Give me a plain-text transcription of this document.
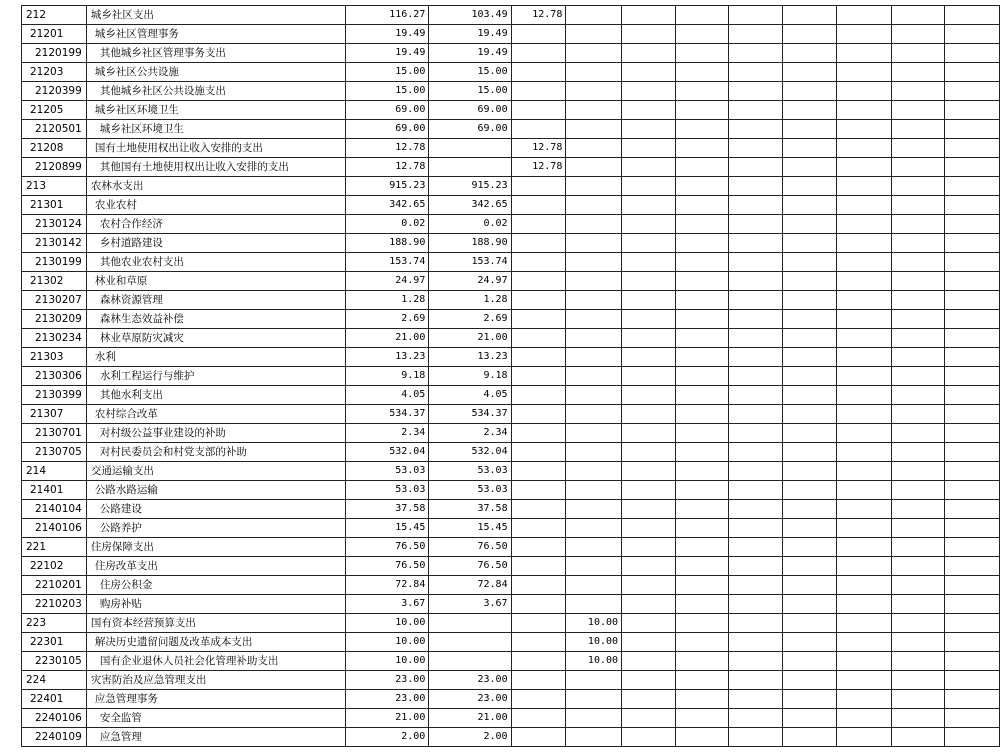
212	城乡社区支出	116.27	103.49	12.78								
21201	城乡社区管理事务	19.49	19.49									
2120199	其他城乡社区管理事务支出	19.49	19.49									
21203	城乡社区公共设施	15.00	15.00									
2120399	其他城乡社区公共设施支出	15.00	15.00									
21205	城乡社区环境卫生	69.00	69.00									
2120501	城乡社区环境卫生	69.00	69.00									
21208	国有土地使用权出让收入安排的支出	12.78		12.78								
2120899	其他国有土地使用权出让收入安排的支出	12.78		12.78								
213	农林水支出	915.23	915.23									
21301	农业农村	342.65	342.65									
2130124	农村合作经济	0.02	0.02									
2130142	乡村道路建设	188.90	188.90									
2130199	其他农业农村支出	153.74	153.74									
21302	林业和草原	24.97	24.97									
2130207	森林资源管理	1.28	1.28									
2130209	森林生态效益补偿	2.69	2.69									
2130234	林业草原防灾减灾	21.00	21.00									
21303	水利	13.23	13.23									
2130306	水利工程运行与维护	9.18	9.18									
2130399	其他水利支出	4.05	4.05									
21307	农村综合改革	534.37	534.37									
2130701	对村级公益事业建设的补助	2.34	2.34									
2130705	对村民委员会和村党支部的补助	532.04	532.04									
214	交通运输支出	53.03	53.03									
21401	公路水路运输	53.03	53.03									
2140104	公路建设	37.58	37.58									
2140106	公路养护	15.45	15.45									
221	住房保障支出	76.50	76.50									
22102	住房改革支出	76.50	76.50									
2210201	住房公积金	72.84	72.84									
2210203	购房补贴	3.67	3.67									
223	国有资本经营预算支出	10.00			10.00							
22301	解决历史遗留问题及改革成本支出	10.00			10.00							
2230105	国有企业退休人员社会化管理补助支出	10.00			10.00							
224	灾害防治及应急管理支出	23.00	23.00									
22401	应急管理事务	23.00	23.00									
2240106	安全监管	21.00	21.00									
2240109	应急管理	2.00	2.00									
